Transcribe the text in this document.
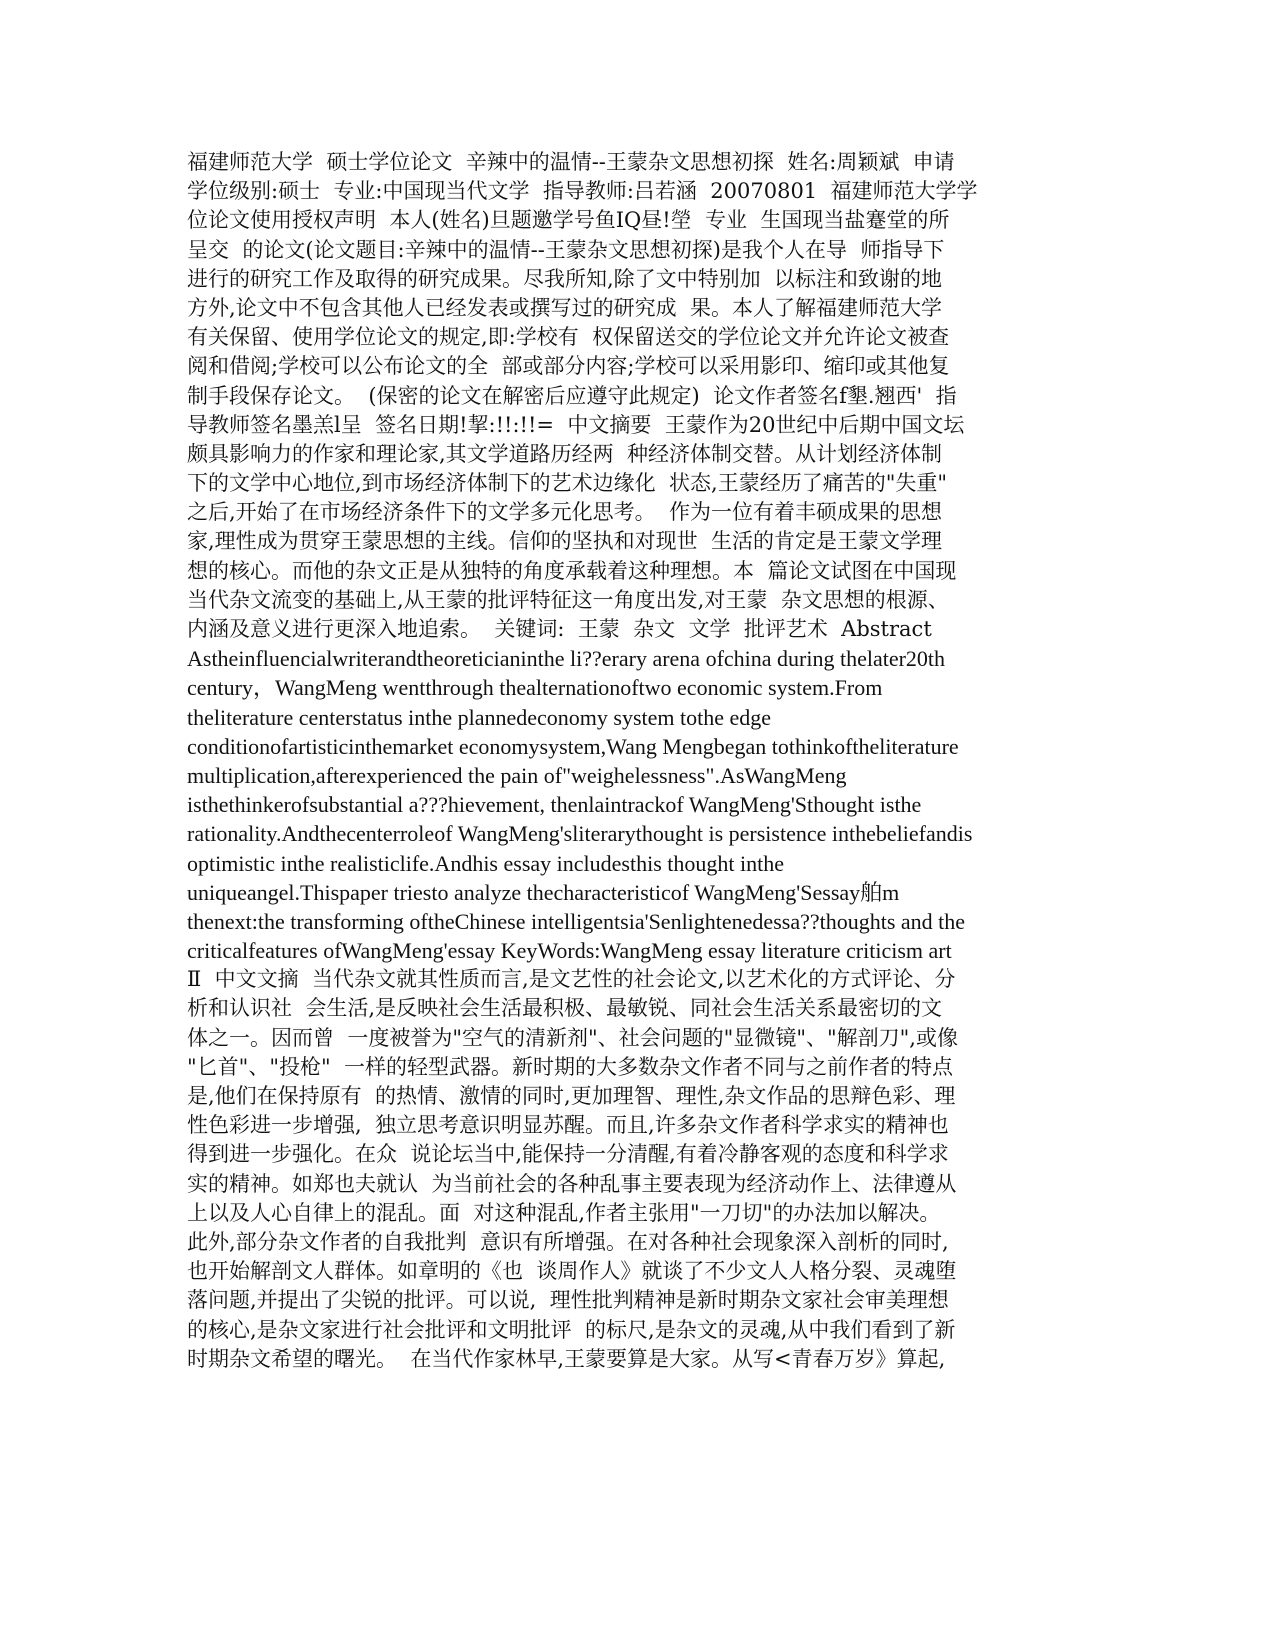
福建师范大学  硕士学位论文  辛辣中的温情--王蒙杂文思想初探  姓名:周颖斌  申请
学位级别:硕士  专业:中国现当代文学  指导教师:吕若涵  20070801  福建师范大学学
位论文使用授权声明  本人(姓名)旦题邀学号鱼IQ昼!塋  专业  生国现当盐蹇堂的所
呈交  的论文(论文题目:辛辣中的温情--王蒙杂文思想初探)是我个人在导  师指导下
进行的研究工作及取得的研究成果。尽我所知,除了文中特别加  以标注和致谢的地
方外,论文中不包含其他人已经发表或撰写过的研究成  果。本人了解福建师范大学
有关保留、使用学位论文的规定,即:学校有  权保留送交的学位论文并允许论文被查
阅和借阅;学校可以公布论文的全  部或部分内容;学校可以采用影印、缩印或其他复
制手段保存论文。  (保密的论文在解密后应遵守此规定)  论文作者签名f墾.翘西'  指
导教师签名墨羔l呈  签名日期!挈:!!:!!=  中文摘要  王蒙作为20世纪中后期中国文坛
颇具影响力的作家和理论家,其文学道路历经两  种经济体制交替。从计划经济体制
下的文学中心地位,到市场经济体制下的艺术边缘化  状态,王蒙经历了痛苦的"失重"
之后,开始了在市场经济条件下的文学多元化思考。  作为一位有着丰硕成果的思想
家,理性成为贯穿王蒙思想的主线。信仰的坚执和对现世  生活的肯定是王蒙文学理
想的核心。而他的杂文正是从独特的角度承载着这种理想。本  篇论文试图在中国现
当代杂文流变的基础上,从王蒙的批评特征这一角度出发,对王蒙  杂文思想的根源、
内涵及意义进行更深入地追索。  关键词:  王蒙  杂文  文学  批评艺术  Abstract
Astheinfluencialwriterandtheoreticianinthe li??erary arena ofchina during thelater20th
century，WangMeng wentthrough thealternationoftwo economic system.From
theliterature centerstatus inthe plannedeconomy system tothe edge
conditionofartisticinthemarket economysystem,Wang Mengbegan tothinkoftheliterature
multiplication,afterexperienced the pain of"weighelessness".AsWangMeng
isthethinkerofsubstantial a???hievement, thenlaintrackof WangMeng'Sthought isthe
rationality.Andthecenterroleof WangMeng'sliterarythought is persistence inthebeliefandis
optimistic inthe realisticlife.Andhis essay includesthis thought inthe
uniqueangel.Thispaper triesto analyze thecharacteristicof WangMeng'Sessay舶m
thenext:the transforming oftheChinese intelligentsia'Senlightenedessa??thoughts and the
criticalfeatures ofWangMeng'essay KeyWords:WangMeng essay literature criticism art
Ⅱ  中文文摘  当代杂文就其性质而言,是文艺性的社会论文,以艺术化的方式评论、分
析和认识社  会生活,是反映社会生活最积极、最敏锐、同社会生活关系最密切的文
体之一。因而曾  一度被誉为"空气的清新剂"、社会问题的"显微镜"、"解剖刀",或像
"匕首"、"投枪"  一样的轻型武器。新时期的大多数杂文作者不同与之前作者的特点
是,他们在保持原有  的热情、激情的同时,更加理智、理性,杂文作品的思辩色彩、理
性色彩进一步增强,  独立思考意识明显苏醒。而且,许多杂文作者科学求实的精神也
得到进一步强化。在众  说论坛当中,能保持一分清醒,有着冷静客观的态度和科学求
实的精神。如郑也夫就认  为当前社会的各种乱事主要表现为经济动作上、法律遵从
上以及人心自律上的混乱。面  对这种混乱,作者主张用"一刀切"的办法加以解决。
此外,部分杂文作者的自我批判  意识有所增强。在对各种社会现象深入剖析的同时,
也开始解剖文人群体。如章明的《也  谈周作人》就谈了不少文人人格分裂、灵魂堕
落问题,并提出了尖锐的批评。可以说,  理性批判精神是新时期杂文家社会审美理想
的核心,是杂文家进行社会批评和文明批评  的标尺,是杂文的灵魂,从中我们看到了新
时期杂文希望的曙光。  在当代作家林早,王蒙要算是大家。从写<青春万岁》算起,
